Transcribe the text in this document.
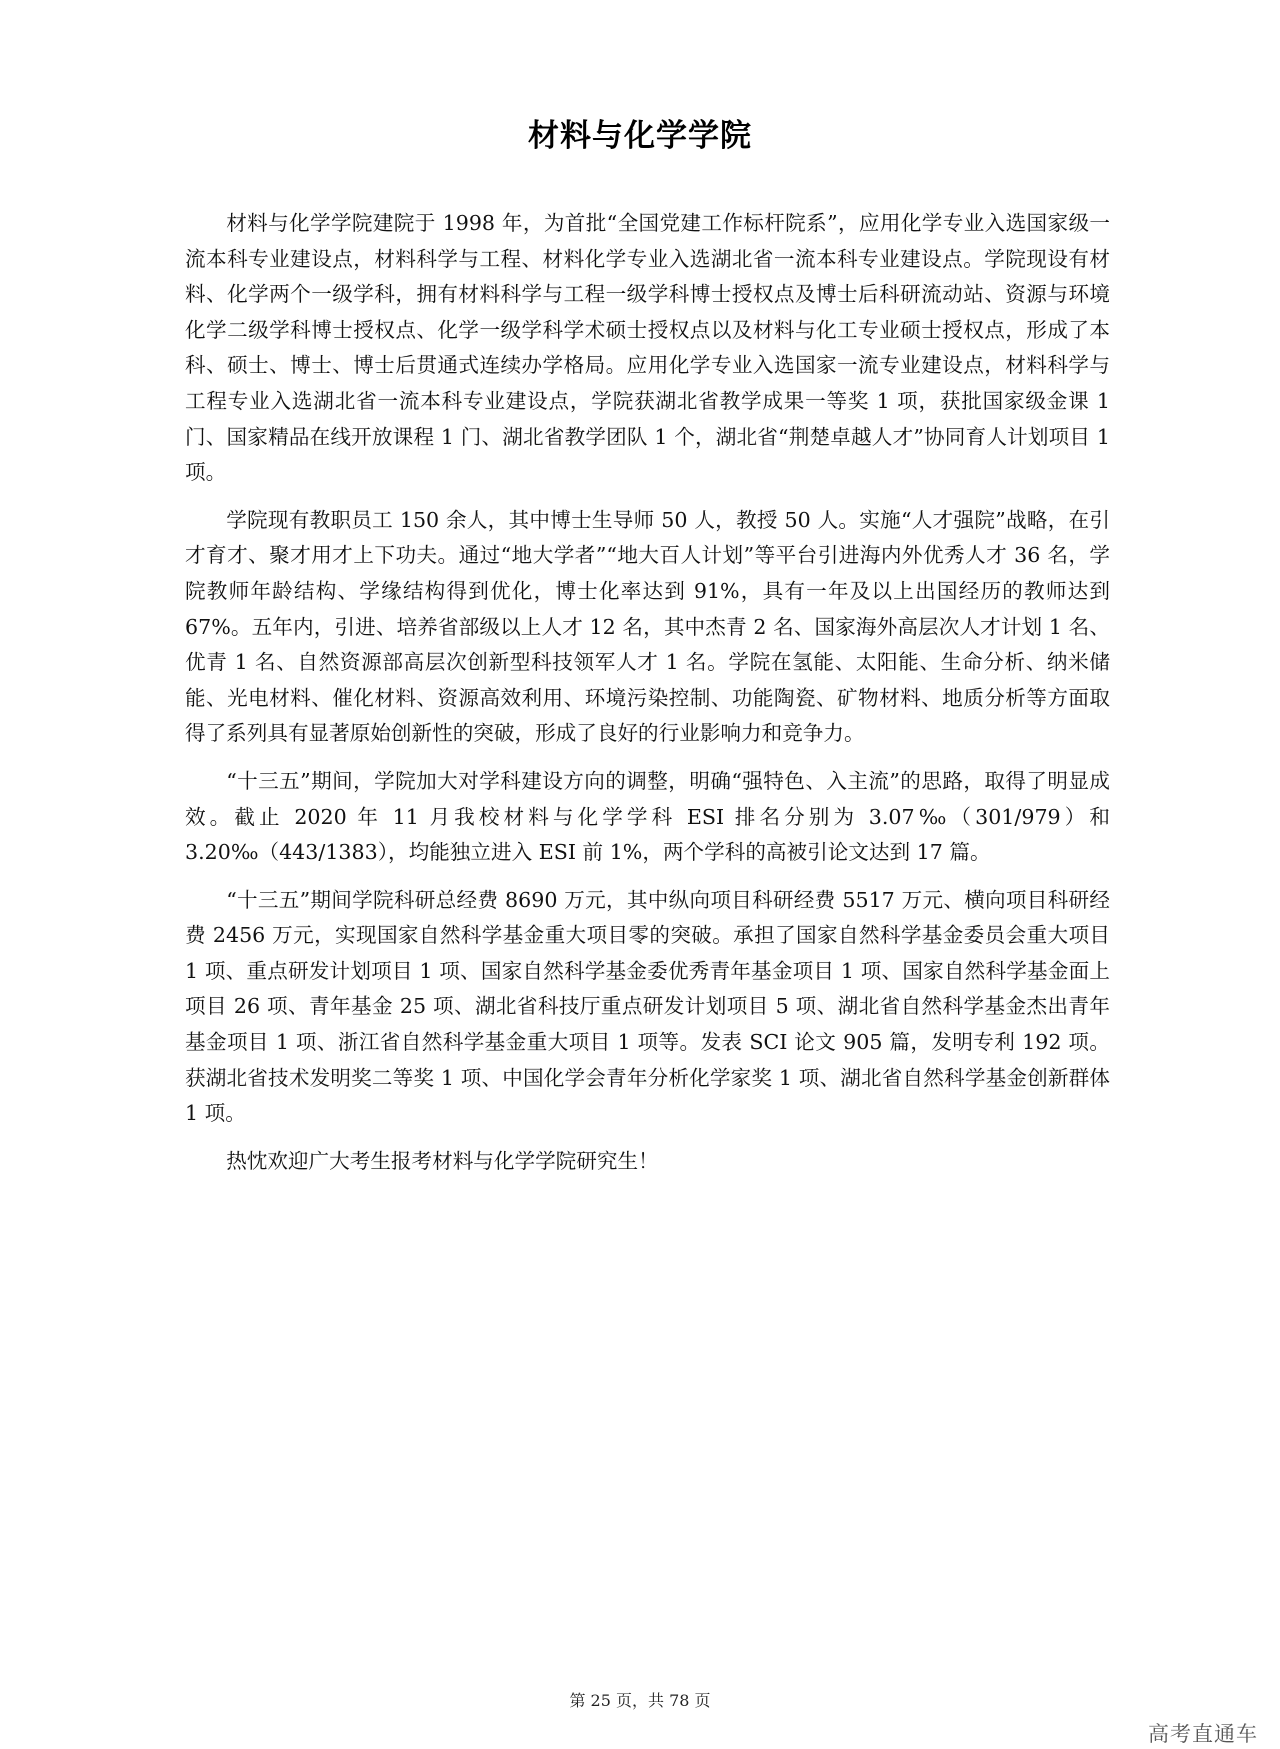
材料与化学学院

材料与化学学院建院于 1998 年，为首批“全国党建工作标杆院系”，应用化学专业入选国家级一流本科专业建设点，材料科学与工程、材料化学专业入选湖北省一流本科专业建设点。学院现设有材料、化学两个一级学科，拥有材料科学与工程一级学科博士授权点及博士后科研流动站、资源与环境化学二级学科博士授权点、化学一级学科学术硕士授权点以及材料与化工专业硕士授权点，形成了本科、硕士、博士、博士后贯通式连续办学格局。应用化学专业入选国家一流专业建设点，材料科学与工程专业入选湖北省一流本科专业建设点，学院获湖北省教学成果一等奖 1 项，获批国家级金课 1 门、国家精品在线开放课程 1 门、湖北省教学团队 1 个，湖北省“荆楚卓越人才”协同育人计划项目 1 项。

学院现有教职员工 150 余人，其中博士生导师 50 人，教授 50 人。实施“人才强院”战略，在引才育才、聚才用才上下功夫。通过“地大学者”“地大百人计划”等平台引进海内外优秀人才 36 名，学院教师年龄结构、学缘结构得到优化，博士化率达到 91%，具有一年及以上出国经历的教师达到 67%。五年内，引进、培养省部级以上人才 12 名，其中杰青 2 名、国家海外高层次人才计划 1 名、优青 1 名、自然资源部高层次创新型科技领军人才 1 名。学院在氢能、太阳能、生命分析、纳米储能、光电材料、催化材料、资源高效利用、环境污染控制、功能陶瓷、矿物材料、地质分析等方面取得了系列具有显著原始创新性的突破，形成了良好的行业影响力和竞争力。

“十三五”期间，学院加大对学科建设方向的调整，明确“强特色、入主流”的思路，取得了明显成效。截止 2020 年 11 月我校材料与化学学科 ESI 排名分别为 3.07‰（301/979）和 3.20‰（443/1383），均能独立进入 ESI 前 1%，两个学科的高被引论文达到 17 篇。

“十三五”期间学院科研总经费 8690 万元，其中纵向项目科研经费 5517 万元、横向项目科研经费 2456 万元，实现国家自然科学基金重大项目零的突破。承担了国家自然科学基金委员会重大项目 1 项、重点研发计划项目 1 项、国家自然科学基金委优秀青年基金项目 1 项、国家自然科学基金面上项目 26 项、青年基金 25 项、湖北省科技厅重点研发计划项目 5 项、湖北省自然科学基金杰出青年基金项目 1 项、浙江省自然科学基金重大项目 1 项等。发表 SCI 论文 905 篇，发明专利 192 项。获湖北省技术发明奖二等奖 1 项、中国化学会青年分析化学家奖 1 项、湖北省自然科学基金创新群体 1 项。

热忱欢迎广大考生报考材料与化学学院研究生！

第 25 页，共 78 页
高考直通车
